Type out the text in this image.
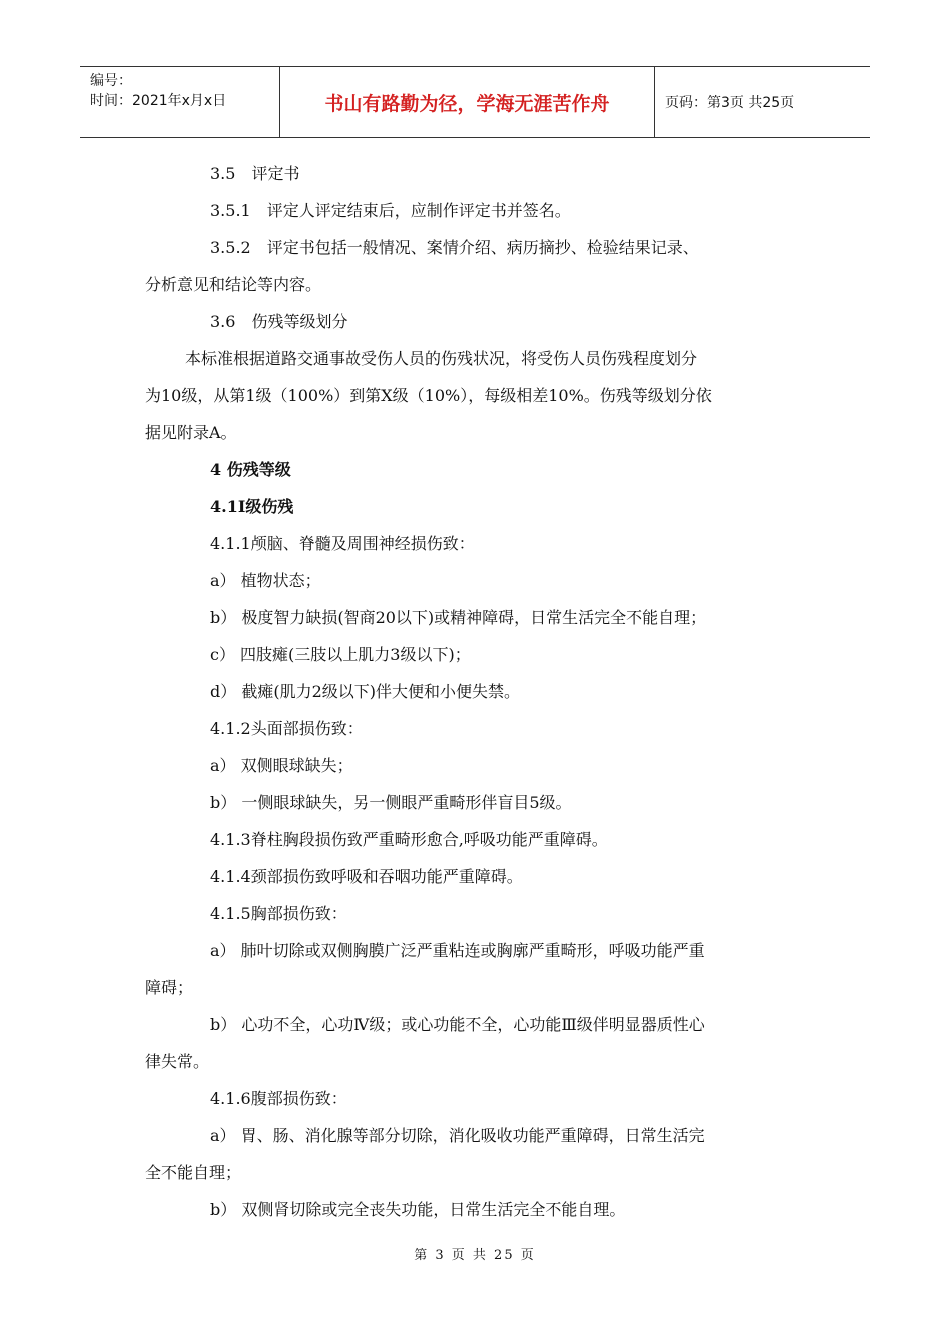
编号：
时间：2021年x月x日	书山有路勤为径，学海无涯苦作舟	页码：第3页 共25页

3.5　评定书

3.5.1　评定人评定结束后，应制作评定书并签名。

3.5.2　评定书包括一般情况、案情介绍、病历摘抄、检验结果记录、

分析意见和结论等内容。

3.6　伤残等级划分

本标准根据道路交通事故受伤人员的伤残状况，将受伤人员伤残程度划分

为10级，从第1级（100%）到第Ⅹ级（10%），每级相差10%。伤残等级划分依

据见附录A。

4 伤残等级

4.1Ⅰ级伤残

4.1.1颅脑、脊髓及周围神经损伤致：

a） 植物状态；

b） 极度智力缺损(智商20以下)或精神障碍，日常生活完全不能自理；

c） 四肢瘫(三肢以上肌力3级以下)；

d） 截瘫(肌力2级以下)伴大便和小便失禁。

4.1.2头面部损伤致：

a） 双侧眼球缺失；

b） 一侧眼球缺失，另一侧眼严重畸形伴盲目5级。

4.1.3脊柱胸段损伤致严重畸形愈合,呼吸功能严重障碍。

4.1.4颈部损伤致呼吸和吞咽功能严重障碍。

4.1.5胸部损伤致：

a） 肺叶切除或双侧胸膜广泛严重粘连或胸廓严重畸形，呼吸功能严重

障碍；

b） 心功不全，心功Ⅳ级；或心功能不全，心功能Ⅲ级伴明显器质性心

律失常。

4.1.6腹部损伤致：

a） 胃、肠、消化腺等部分切除，消化吸收功能严重障碍，日常生活完

全不能自理；

b） 双侧肾切除或完全丧失功能，日常生活完全不能自理。

第 3 页 共 25 页
